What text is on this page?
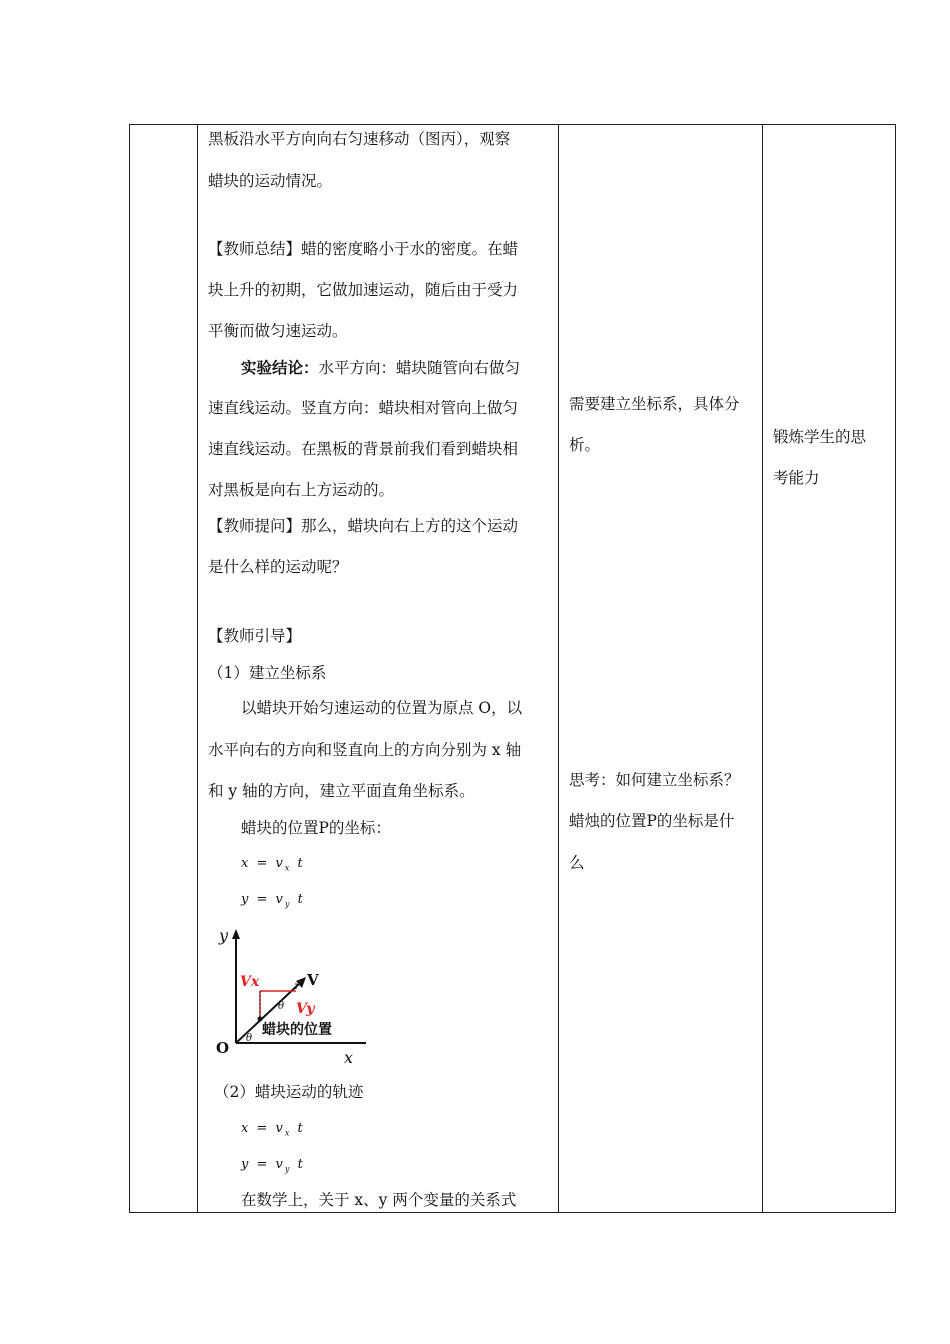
黑板沿水平方向向右匀速移动（图丙），观察
蜡块的运动情况。
【教师总结】蜡的密度略小于水的密度。在蜡
块上升的初期，它做加速运动，随后由于受力
平衡而做匀速运动。
实验结论：水平方向：蜡块随管向右做匀
速直线运动。竖直方向：蜡块相对管向上做匀
速直线运动。在黑板的背景前我们看到蜡块相
对黑板是向右上方运动的。
【教师提问】那么，蜡块向右上方的这个运动
是什么样的运动呢？
【教师引导】
（1）建立坐标系
以蜡块开始匀速运动的位置为原点 O，以
水平向右的方向和竖直向上的方向分别为 x 轴
和 y 轴的方向，建立平面直角坐标系。
蜡块的位置P的坐标：
$x = v_x$ t
$y = v_y$ t
y
x
O
Vx	V
Vy
θ
θ
蜡块的位置
（2）蜡块运动的轨迹
$x = v_x$ t
$y = v_y$ t
在数学上，关于 x、y 两个变量的关系式
需要建立坐标系，具体分
析。
思考：如何建立坐标系？
蜡烛的位置P的坐标是什
么
锻炼学生的思
考能力
